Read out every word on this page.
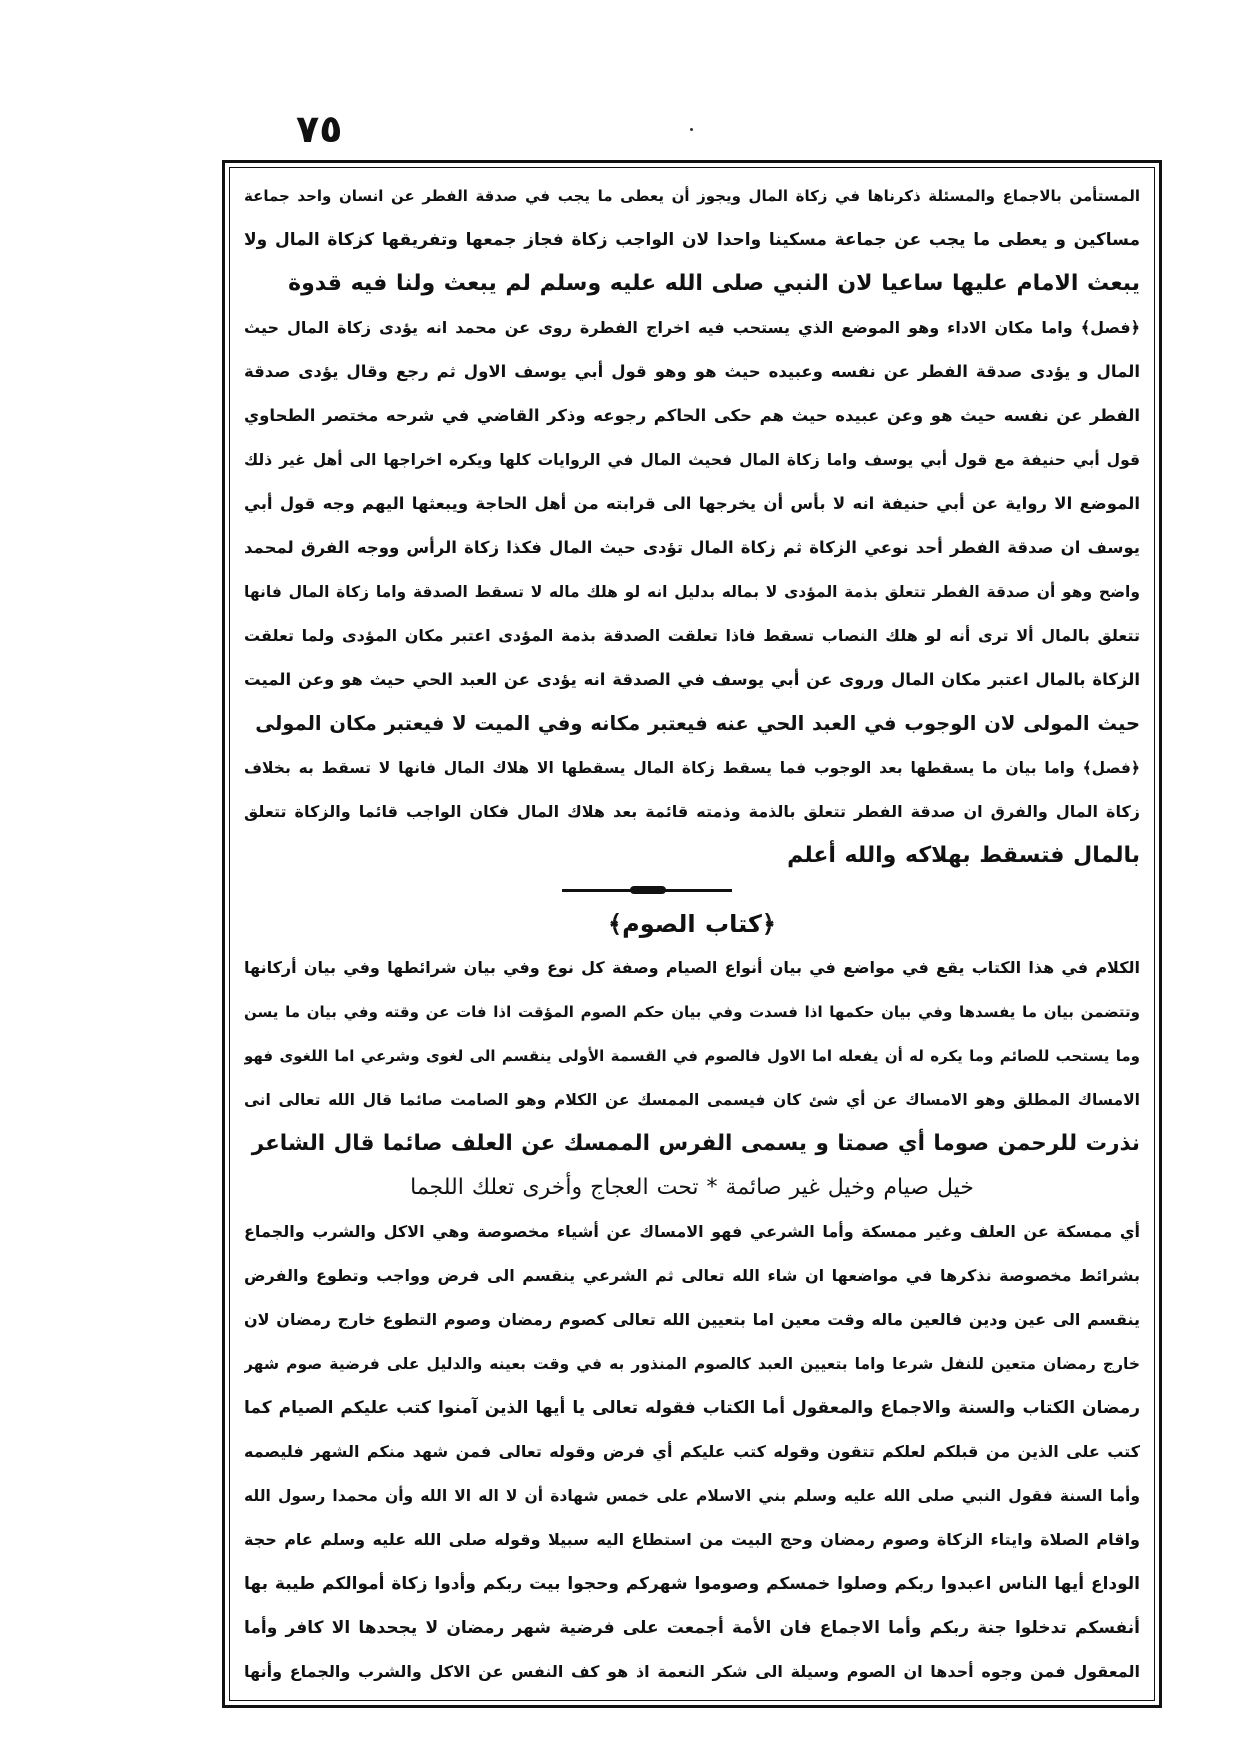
٧٥
المستأمن بالاجماع والمسئلة ذكرناها في زكاة المال ويجوز أن يعطى ما يجب في صدقة الفطر عن انسان واحد جماعة
مساكين و يعطى ما يجب عن جماعة مسكينا واحدا لان الواجب زكاة فجاز جمعها وتفريقها كزكاة المال ولا
يبعث الامام عليها ساعيا لان النبي صلى الله عليه وسلم لم يبعث ولنا فيه قدوة
﴿فصل﴾ واما مكان الاداء وهو الموضع الذي يستحب فيه اخراج الفطرة روى عن محمد انه يؤدى زكاة المال حيث
المال و يؤدى صدقة الفطر عن نفسه وعبيده حيث هو وهو قول أبي يوسف الاول ثم رجع وقال يؤدى صدقة
الفطر عن نفسه حيث هو وعن عبيده حيث هم حكى الحاكم رجوعه وذكر القاضي في شرحه مختصر الطحاوي
قول أبي حنيفة مع قول أبي يوسف واما زكاة المال فحيث المال في الروايات كلها ويكره اخراجها الى أهل غير ذلك
الموضع الا رواية عن أبي حنيفة انه لا بأس أن يخرجها الى قرابته من أهل الحاجة ويبعثها اليهم وجه قول أبي
يوسف ان صدقة الفطر أحد نوعي الزكاة ثم زكاة المال تؤدى حيث المال فكذا زكاة الرأس ووجه الفرق لمحمد
واضح وهو أن صدقة الفطر تتعلق بذمة المؤدى لا بماله بدليل انه لو هلك ماله لا تسقط الصدقة واما زكاة المال فانها
تتعلق بالمال ألا ترى أنه لو هلك النصاب تسقط فاذا تعلقت الصدقة بذمة المؤدى اعتبر مكان المؤدى ولما تعلقت
الزكاة بالمال اعتبر مكان المال وروى عن أبي يوسف في الصدقة انه يؤدى عن العبد الحي حيث هو وعن الميت
حيث المولى لان الوجوب في العبد الحي عنه فيعتبر مكانه وفي الميت لا فيعتبر مكان المولى
﴿فصل﴾ واما بيان ما يسقطها بعد الوجوب فما يسقط زكاة المال يسقطها الا هلاك المال فانها لا تسقط به بخلاف
زكاة المال والفرق ان صدقة الفطر تتعلق بالذمة وذمته قائمة بعد هلاك المال فكان الواجب قائما والزكاة تتعلق
بالمال فتسقط بهلاكه والله أعلم
﴿كتاب الصوم﴾
الكلام في هذا الكتاب يقع في مواضع في بيان أنواع الصيام وصفة كل نوع وفي بيان شرائطها وفي بيان أركانها
وتتضمن بيان ما يفسدها وفي بيان حكمها اذا فسدت وفي بيان حكم الصوم المؤقت اذا فات عن وقته وفي بيان ما يسن
وما يستحب للصائم وما يكره له أن يفعله اما الاول فالصوم في القسمة الأولى ينقسم الى لغوى وشرعي اما اللغوى فهو
الامساك المطلق وهو الامساك عن أي شئ كان فيسمى الممسك عن الكلام وهو الصامت صائما قال الله تعالى انى
نذرت للرحمن صوما أي صمتا و يسمى الفرس الممسك عن العلف صائما قال الشاعر
خيل صيام وخيل غير صائمة * تحت العجاج وأخرى تعلك اللجما
أي ممسكة عن العلف وغير ممسكة وأما الشرعي فهو الامساك عن أشياء مخصوصة وهي الاكل والشرب والجماع
بشرائط مخصوصة نذكرها في مواضعها ان شاء الله تعالى ثم الشرعي ينقسم الى فرض وواجب وتطوع والفرض
ينقسم الى عين ودين فالعين ماله وقت معين اما بتعيين الله تعالى كصوم رمضان وصوم التطوع خارج رمضان لان
خارج رمضان متعين للنفل شرعا واما بتعيين العبد كالصوم المنذور به في وقت بعينه والدليل على فرضية صوم شهر
رمضان الكتاب والسنة والاجماع والمعقول أما الكتاب فقوله تعالى يا أيها الذين آمنوا كتب عليكم الصيام كما
كتب على الذين من قبلكم لعلكم تتقون وقوله كتب عليكم أي فرض وقوله تعالى فمن شهد منكم الشهر فليصمه
وأما السنة فقول النبي صلى الله عليه وسلم بني الاسلام على خمس شهادة أن لا اله الا الله وأن محمدا رسول الله
واقام الصلاة وايتاء الزكاة وصوم رمضان وحج البيت من استطاع اليه سبيلا وقوله صلى الله عليه وسلم عام حجة
الوداع أيها الناس اعبدوا ربكم وصلوا خمسكم وصوموا شهركم وحجوا بيت ربكم وأدوا زكاة أموالكم طيبة بها
أنفسكم تدخلوا جنة ربكم وأما الاجماع فان الأمة أجمعت على فرضية شهر رمضان لا يجحدها الا كافر وأما
المعقول فمن وجوه أحدها ان الصوم وسيلة الى شكر النعمة اذ هو كف النفس عن الاكل والشرب والجماع وأنها
